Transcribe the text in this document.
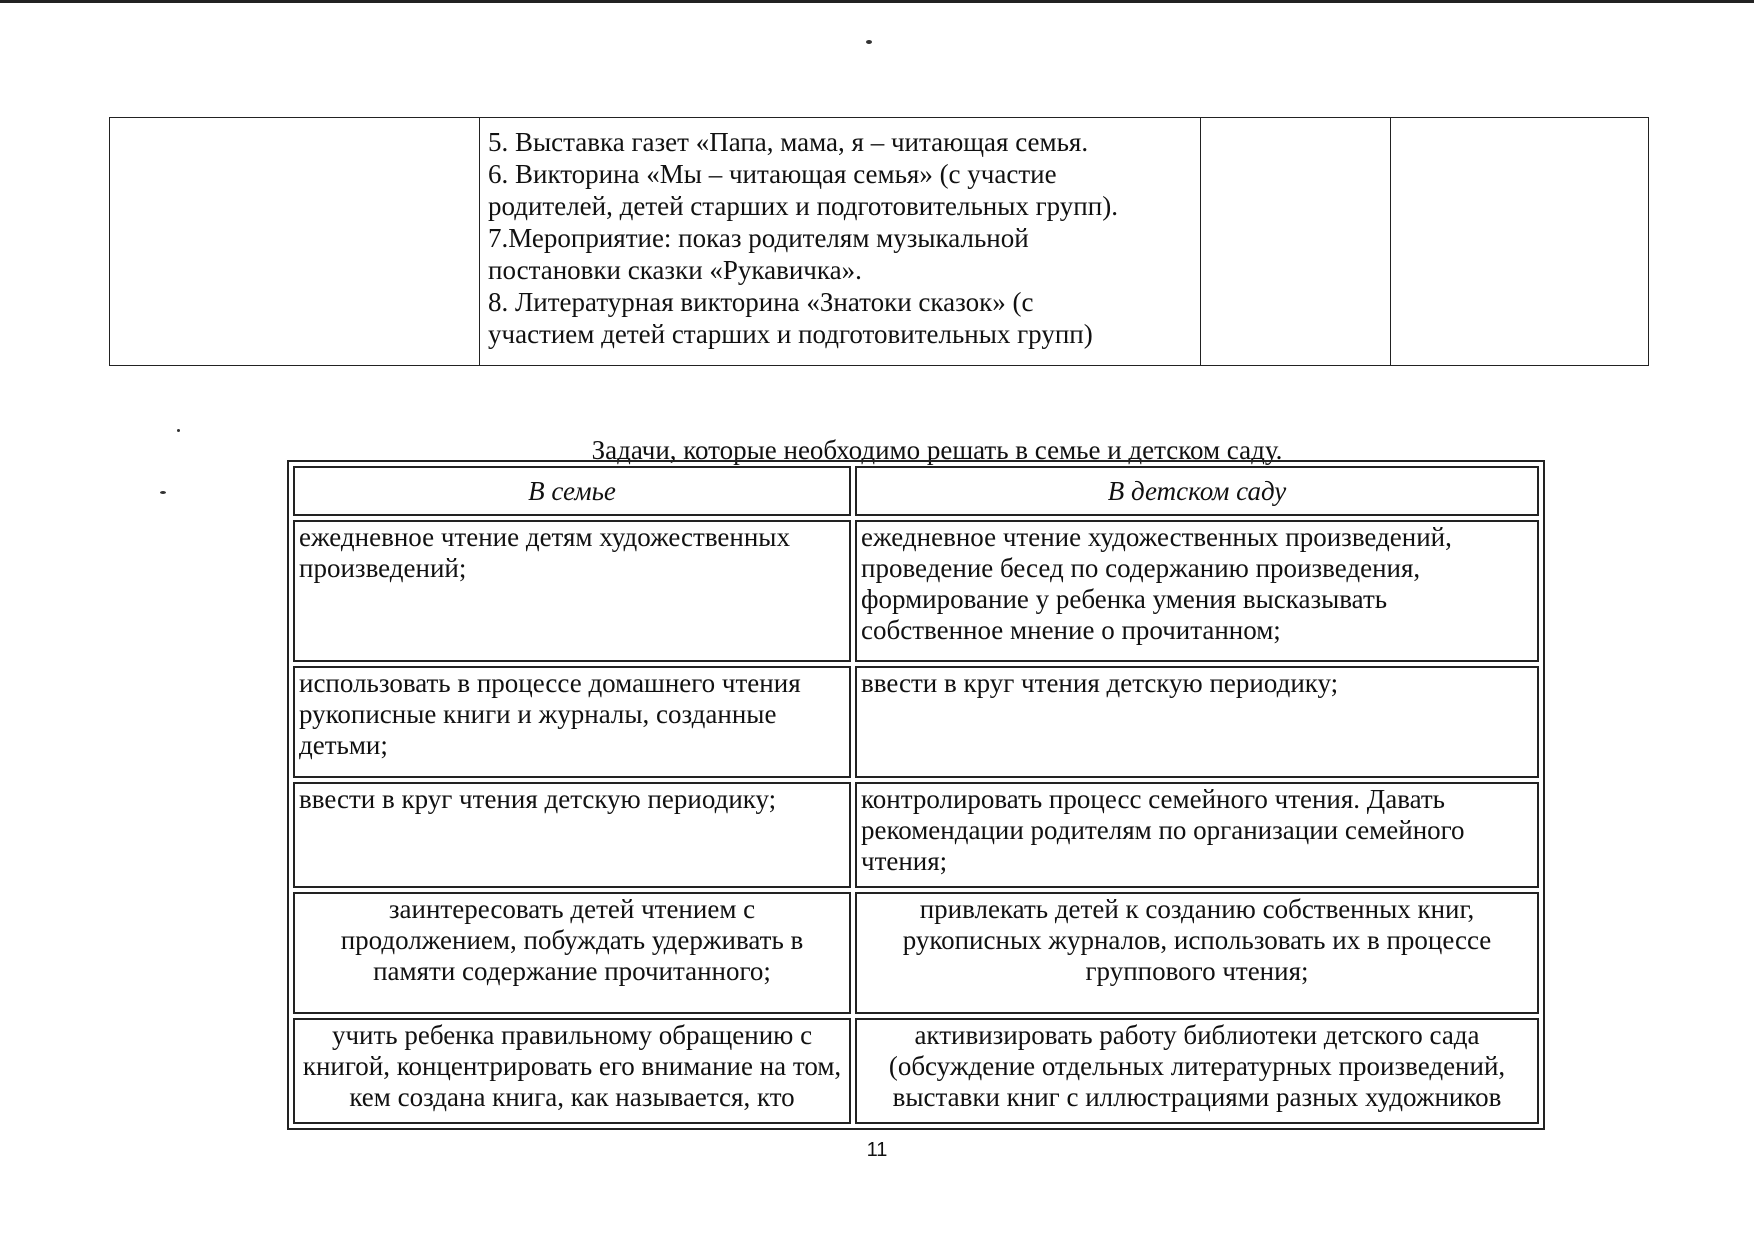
5. Выставка газет «Папа, мама, я – читающая семья.
6. Викторина «Мы – читающая семья» (с участие
родителей, детей старших и подготовительных групп).
7.Мероприятие: показ родителям музыкальной
постановки сказки «Рукавичка».
8. Литературная викторина «Знатоки сказок» (с
участием детей старших и подготовительных групп)

Задачи, которые необходимо решать в семье и детском саду.
В семье	В детском саду
ежедневное чтение детям художественных произведений;	ежедневное чтение художественных произведений, проведение бесед по содержанию произведения, формирование у ребенка умения высказывать собственное мнение о прочитанном;
использовать в процессе домашнего чтения рукописные книги и журналы, созданные детьми;	ввести в круг чтения детскую периодику;
ввести в круг чтения детскую периодику;	контролировать процесс семейного чтения. Давать рекомендации родителям по организации семейного чтения;
заинтересовать детей чтением с продолжением, побуждать удерживать в памяти содержание прочитанного;	привлекать детей к созданию собственных книг, рукописных журналов, использовать их в процессе группового чтения;
учить ребенка правильному обращению с книгой, концентрировать его внимание на том, кем создана книга, как называется, кто	активизировать работу библиотеки детского сада (обсуждение отдельных литературных произведений, выставки книг с иллюстрациями разных художников
11
